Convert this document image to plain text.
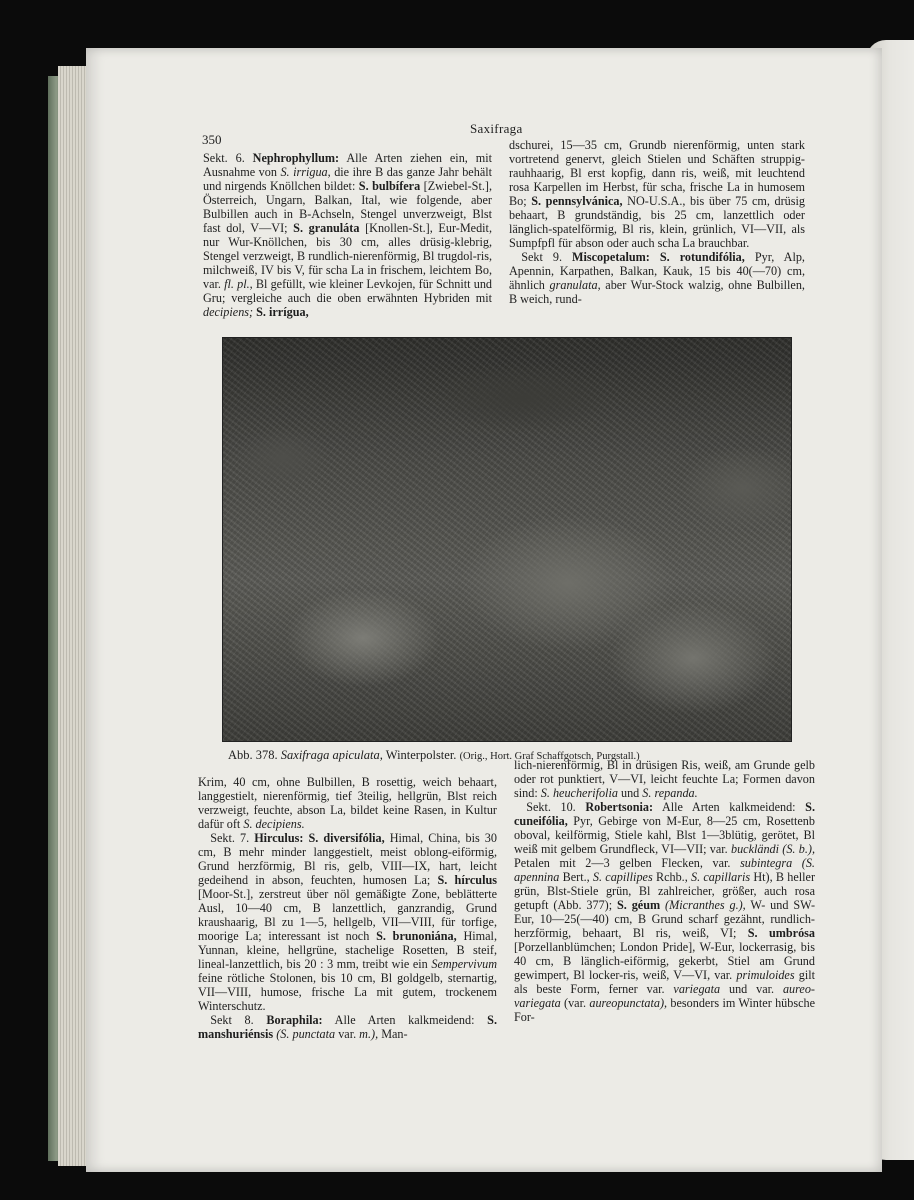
350
Saxifraga

Sekt. 6. Nephrophyllum: Alle Arten ziehen ein, mit Ausnahme von S. irrigua, die ihre B das ganze Jahr behält und nirgends Knöllchen bildet: S. bulbífera [Zwiebel-St.], Österreich, Ungarn, Balkan, Ital, wie folgende, aber Bulbillen auch in B-Achseln, Stengel unverzweigt, Blst fast dol, V—VI; S. granuláta [Knollen-St.], Eur-Medit, nur Wur-Knöllchen, bis 30 cm, alles drüsig-klebrig, Stengel verzweigt, B rundlich-nierenförmig, Bl trugdol-ris, milchweiß, IV bis V, für scha La in frischem, leichtem Bo, var. fl. pl., Bl gefüllt, wie kleiner Levkojen, für Schnitt und Gru; vergleiche auch die oben erwähnten Hybriden mit decipiens; S. irrígua,

dschurei, 15—35 cm, Grundb nierenförmig, unten stark vortretend genervt, gleich Stielen und Schäften struppig-rauhhaarig, Bl erst kopfig, dann ris, weiß, mit leuchtend rosa Karpellen im Herbst, für scha, frische La in humosem Bo; S. pennsylvánica, NO-U.S.A., bis über 75 cm, drüsig behaart, B grundständig, bis 25 cm, lanzettlich oder länglich-spatelförmig, Bl ris, klein, grünlich, VI—VII, als Sumpfpfl für abson oder auch scha La brauchbar.

Sekt 9. Miscopetalum: S. rotundifólia, Pyr, Alp, Apennin, Karpathen, Balkan, Kauk, 15 bis 40(—70) cm, ähnlich granulata, aber Wur-Stock walzig, ohne Bulbillen, B weich, rund-

Abb. 378. Saxifraga apiculata, Winterpolster. (Orig., Hort. Graf Schaffgotsch, Purgstall.)

Krim, 40 cm, ohne Bulbillen, B rosettig, weich behaart, langgestielt, nierenförmig, tief 3teilig, hellgrün, Blst reich verzweigt, feuchte, abson La, bildet keine Rasen, in Kultur dafür oft S. decipiens.

Sekt. 7. Hirculus: S. diversifólia, Himal, China, bis 30 cm, B mehr minder langgestielt, meist oblong-eiförmig, Grund herzförmig, Bl ris, gelb, VIII—IX, hart, leicht gedeihend in abson, feuchten, humosen La; S. hírculus [Moor-St.], zerstreut über nöl gemäßigte Zone, beblätterte Ausl, 10—40 cm, B lanzettlich, ganzrandig, Grund kraushaarig, Bl zu 1—5, hellgelb, VII—VIII, für torfige, moorige La; interessant ist noch S. brunoniána, Himal, Yunnan, kleine, hellgrüne, stachelige Rosetten, B steif, lineal-lanzettlich, bis 20 : 3 mm, treibt wie ein Sempervivum feine rötliche Stolonen, bis 10 cm, Bl goldgelb, sternartig, VII—VIII, humose, frische La mit gutem, trockenem Winterschutz.

Sekt 8. Boraphila: Alle Arten kalkmeidend: S. manshuriénsis (S. punctata var. m.), Man-

lich-nierenförmig, Bl in drüsigen Ris, weiß, am Grunde gelb oder rot punktiert, V—VI, leicht feuchte La; Formen davon sind: S. heucherifolia und S. repanda.

Sekt. 10. Robertsonia: Alle Arten kalkmeidend: S. cuneifólia, Pyr, Gebirge von M-Eur, 8—25 cm, Rosettenb oboval, keilförmig, Stiele kahl, Blst 1—3blütig, gerötet, Bl weiß mit gelbem Grundfleck, VI—VII; var. buckländi (S. b.), Petalen mit 2—3 gelben Flecken, var. subintegra (S. apennina Bert., S. capillipes Rchb., S. capillaris Ht), B heller grün, Blst-Stiele grün, Bl zahlreicher, größer, auch rosa getupft (Abb. 377); S. géum (Micranthes g.), W- und SW-Eur, 10—25(—40) cm, B Grund scharf gezähnt, rundlich-herzförmig, behaart, Bl ris, weiß, VI; S. umbrósa [Porzellanblümchen; London Pride], W-Eur, lockerrasig, bis 40 cm, B länglich-eiförmig, gekerbt, Stiel am Grund gewimpert, Bl locker-ris, weiß, V—VI, var. primuloides gilt als beste Form, ferner var. variegata und var. aureo-variegata (var. aureopunctata), besonders im Winter hübsche For-
